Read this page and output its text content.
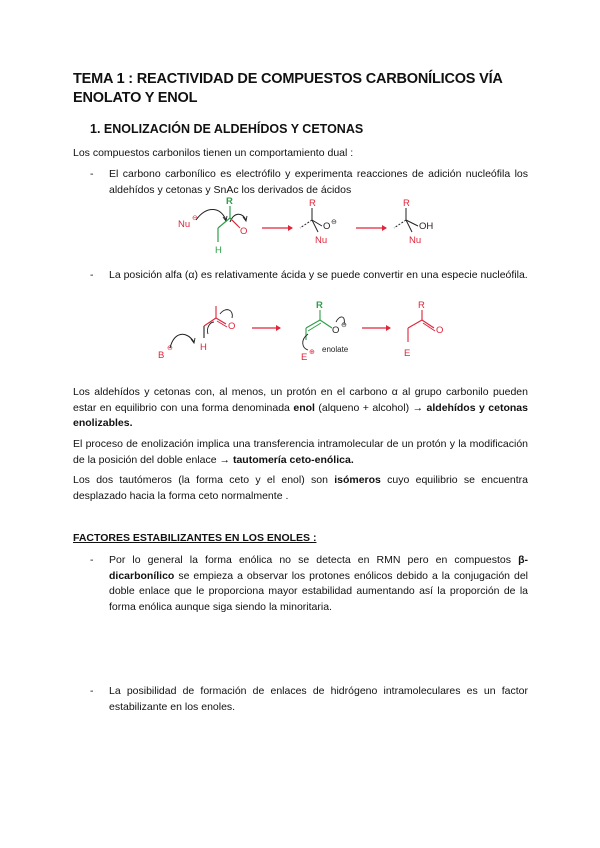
TEMA 1 : REACTIVIDAD DE COMPUESTOS CARBONÍLICOS VÍA ENOLATO Y ENOL
1. ENOLIZACIÓN DE ALDEHÍDOS Y CETONAS
Los compuestos carbonilos tienen un comportamiento dual :
-	El carbono carbonílico es electrófilo y experimenta reacciones de adición nucleófila los aldehídos y cetonas y SnAc los derivados de ácidos
Nu
⊖
R
O
H
R
O ⊖
Nu
R
OH
Nu
-	La posición alfa (α) es relativamente ácida y se puede convertir en una especie nucleófila.
B
⊖
O
H
R
O ⊖
E ⊕ enolate
R
O
E
Los aldehídos y cetonas con, al menos, un protón en el carbono α al grupo carbonilo pueden estar en equilibrio con una forma denominada enol (alqueno + alcohol) → aldehídos y cetonas enolizables.
El proceso de enolización implica una transferencia intramolecular de un protón y la modificación de la posición del doble enlace → tautomería ceto-enólica.
Los dos tautómeros (la forma ceto y el enol) son isómeros cuyo equilibrio se encuentra desplazado hacia la forma ceto normalmente .
FACTORES ESTABILIZANTES EN LOS ENOLES :
-	Por lo general la forma enólica no se detecta en RMN pero en compuestos β-dicarbonílico se empieza a observar los protones enólicos debido a la conjugación del doble enlace que le proporciona mayor estabilidad aumentando así la proporción de la forma enólica aunque siga siendo la minoritaria.
-	La posibilidad de formación de enlaces de hidrógeno intramoleculares es un factor estabilizante en los enoles.
